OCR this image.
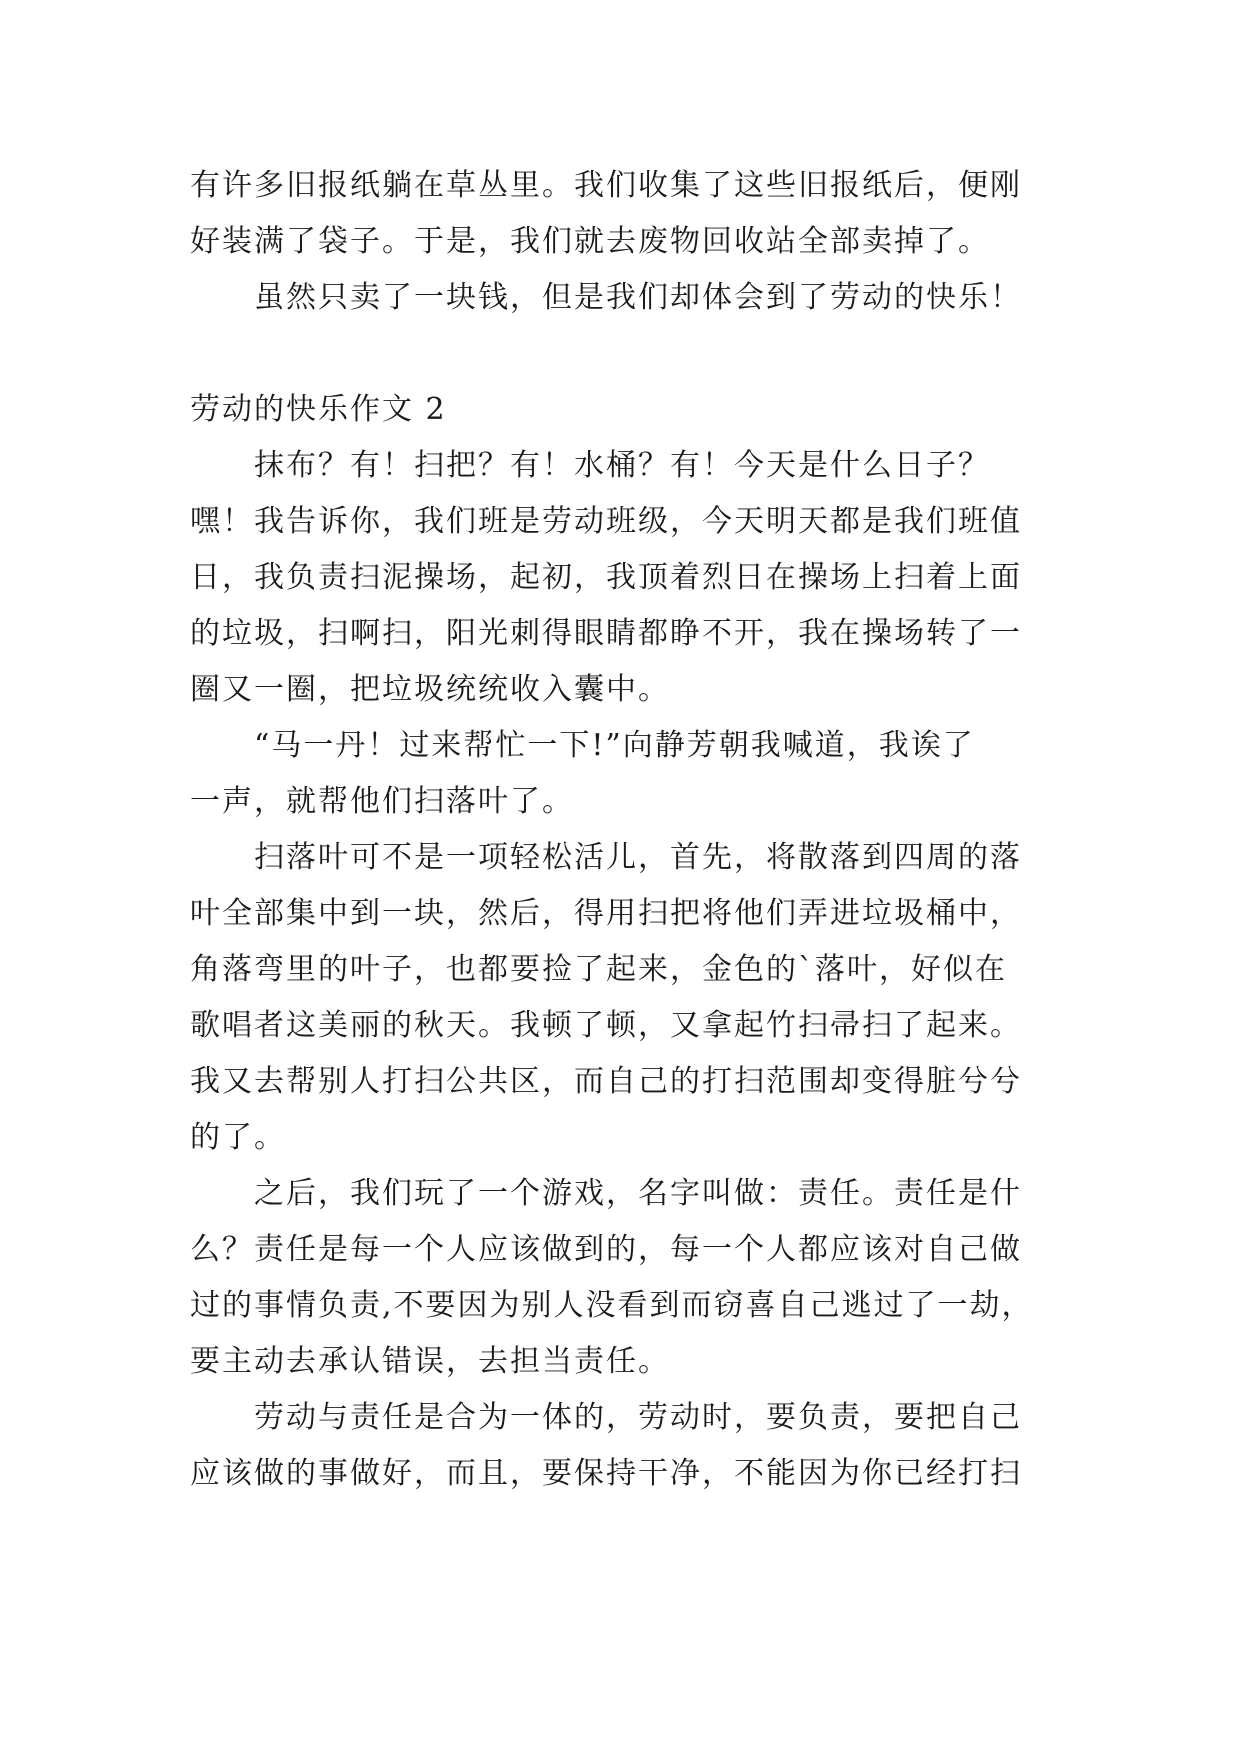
有许多旧报纸躺在草丛里。我们收集了这些旧报纸后，便刚
好装满了袋子。于是，我们就去废物回收站全部卖掉了。
虽然只卖了一块钱，但是我们却体会到了劳动的快乐！
劳动的快乐作文 2
抹布？有！扫把？有！水桶？有！今天是什么日子？
嘿！我告诉你，我们班是劳动班级，今天明天都是我们班值
日，我负责扫泥操场，起初，我顶着烈日在操场上扫着上面
的垃圾，扫啊扫，阳光刺得眼睛都睁不开，我在操场转了一
圈又一圈，把垃圾统统收入囊中。
“马一丹！过来帮忙一下!”向静芳朝我喊道，我诶了
一声，就帮他们扫落叶了。
扫落叶可不是一项轻松活儿，首先，将散落到四周的落
叶全部集中到一块，然后，得用扫把将他们弄进垃圾桶中，
角落弯里的叶子，也都要捡了起来，金色的`落叶，好似在
歌唱者这美丽的秋天。我顿了顿，又拿起竹扫帚扫了起来。
我又去帮别人打扫公共区，而自己的打扫范围却变得脏兮兮
的了。
之后，我们玩了一个游戏，名字叫做：责任。责任是什
么？责任是每一个人应该做到的，每一个人都应该对自己做
过的事情负责,不要因为别人没看到而窃喜自己逃过了一劫，
要主动去承认错误，去担当责任。
劳动与责任是合为一体的，劳动时，要负责，要把自己
应该做的事做好，而且，要保持干净，不能因为你已经打扫
